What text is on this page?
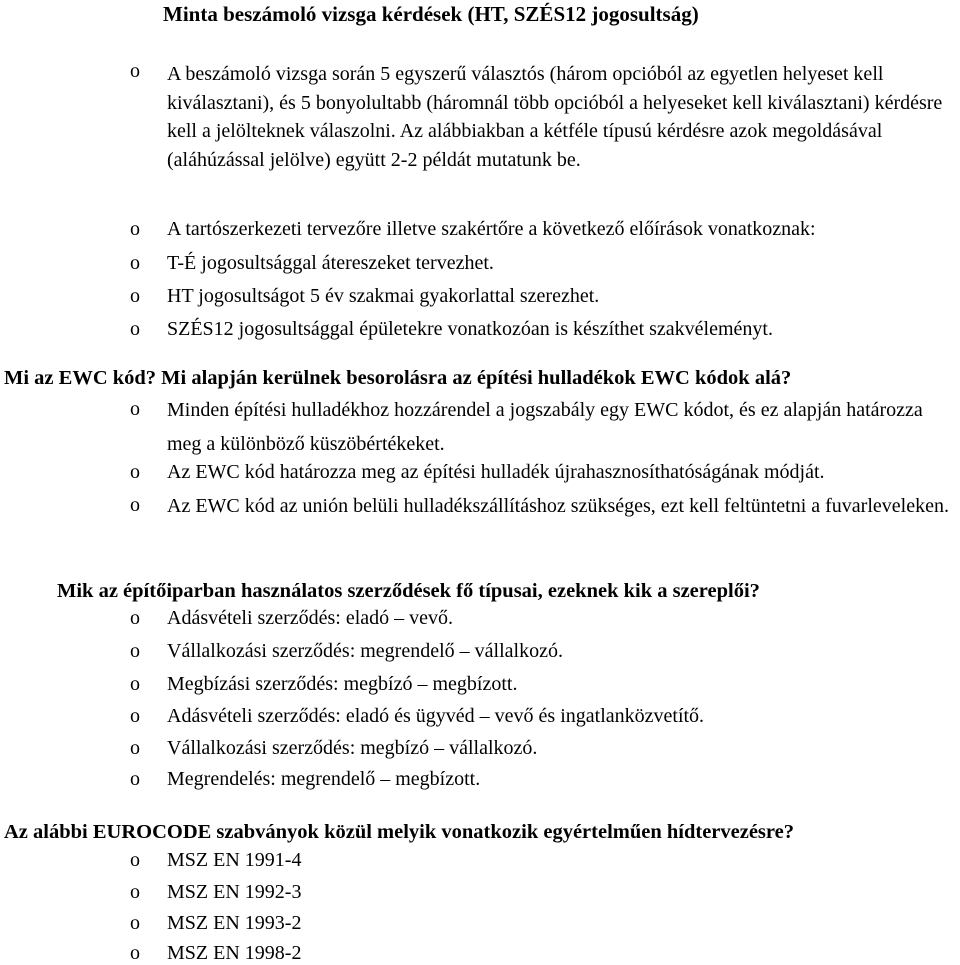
Minta beszámoló vizsga kérdések (HT, SZÉS12 jogosultság)
o A beszámoló vizsga során 5 egyszerű választós (három opcióból az egyetlen helyeset kell kiválasztani), és 5 bonyolultabb (háromnál több opcióból a helyeseket kell kiválasztani) kérdésre kell a jelölteknek válaszolni. Az alábbiakban a kétféle típusú kérdésre azok megoldásával (aláhúzással jelölve) együtt 2-2 példát mutatunk be.
o A tartószerkezeti tervezőre illetve szakértőre a következő előírások vonatkoznak:
o T-É jogosultsággal átereszeket tervezhet.
o HT jogosultságot 5 év szakmai gyakorlattal szerezhet.
o SZÉS12 jogosultsággal épületekre vonatkozóan is készíthet szakvéleményt.
Mi az EWC kód? Mi alapján kerülnek besorolásra az építési hulladékok EWC kódok alá?
o Minden építési hulladékhoz hozzárendel a jogszabály egy EWC kódot, és ez alapján határozza meg a különböző küszöbértékeket.
o Az EWC kód határozza meg az építési hulladék újrahasznosíthatóságának módját.
o Az EWC kód az unión belüli hulladékszállításhoz szükséges, ezt kell feltüntetni a fuvarleveleken.
Mik az építőiparban használatos szerződések fő típusai, ezeknek kik a szereplői?
o Adásvételi szerződés: eladó – vevő.
o Vállalkozási szerződés: megrendelő – vállalkozó.
o Megbízási szerződés: megbízó – megbízott.
o Adásvételi szerződés: eladó és ügyvéd – vevő és ingatlanközvetítő.
o Vállalkozási szerződés: megbízó – vállalkozó.
o Megrendelés: megrendelő – megbízott.
Az alábbi EUROCODE szabványok közül melyik vonatkozik egyértelműen hídtervezésre?
o MSZ EN 1991-4
o MSZ EN 1992-3
o MSZ EN 1993-2
o MSZ EN 1998-2
